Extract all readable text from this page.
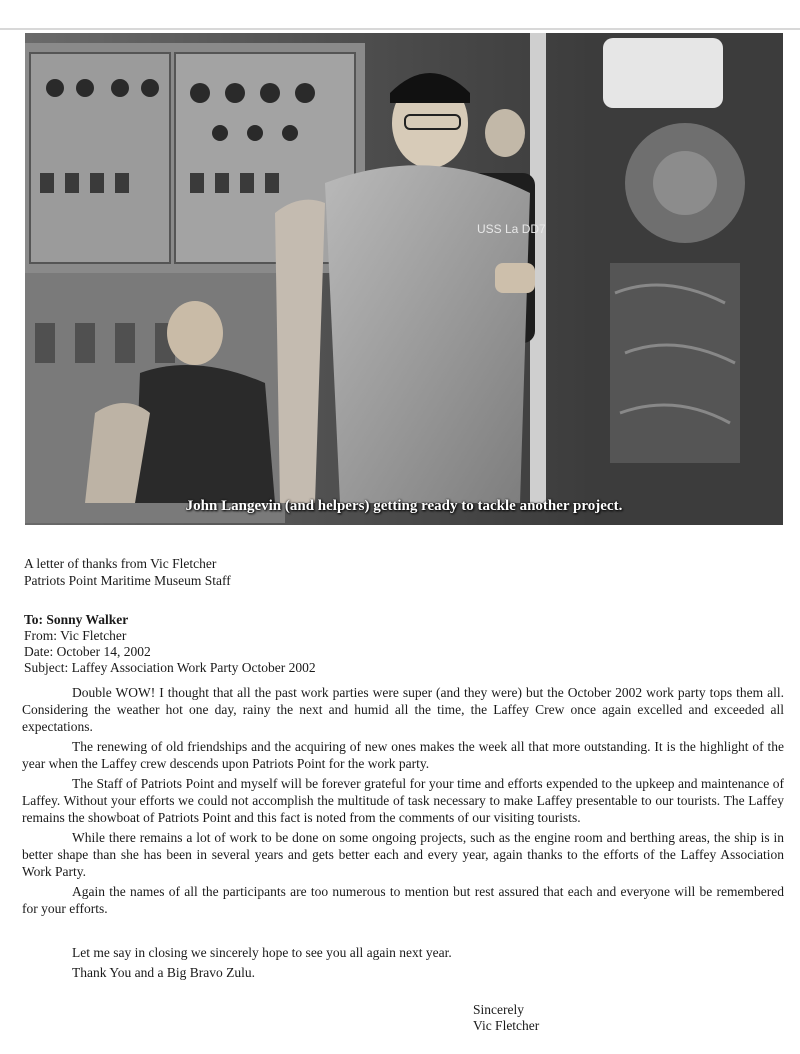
USS La DD7
John Langevin (and helpers) getting ready to tackle another project.
A letter of thanks from Vic Fletcher
Patriots Point Maritime Museum Staff
To: Sonny Walker
From: Vic Fletcher
Date: October 14, 2002
Subject: Laffey Association Work Party October 2002

Double WOW! I thought that all the past work parties were super (and they were) but the October 2002 work party tops them all. Considering the weather hot one day, rainy the next and humid all the time, the Laffey Crew once again excelled and exceeded all expectations.

The renewing of old friendships and the acquiring of new ones makes the week all that more outstanding. It is the highlight of the year when the Laffey crew descends upon Patriots Point for the work party.

The Staff of Patriots Point and myself will be forever grateful for your time and efforts expended to the upkeep and maintenance of Laffey. Without your efforts we could not accomplish the multitude of task necessary to make Laffey presentable to our tourists. The Laffey remains the showboat of Patriots Point and this fact is noted from the comments of our visiting tourists.

While there remains a lot of work to be done on some ongoing projects, such as the engine room and berthing areas, the ship is in better shape than she has been in several years and gets better each and every year, again thanks to the efforts of the Laffey Association Work Party.

Again the names of all the participants are too numerous to mention but rest assured that each and everyone will be remembered for your efforts.

Let me say in closing we sincerely hope to see you all again next year.
Thank You and a Big Bravo Zulu.
Sincerely
Vic Fletcher
